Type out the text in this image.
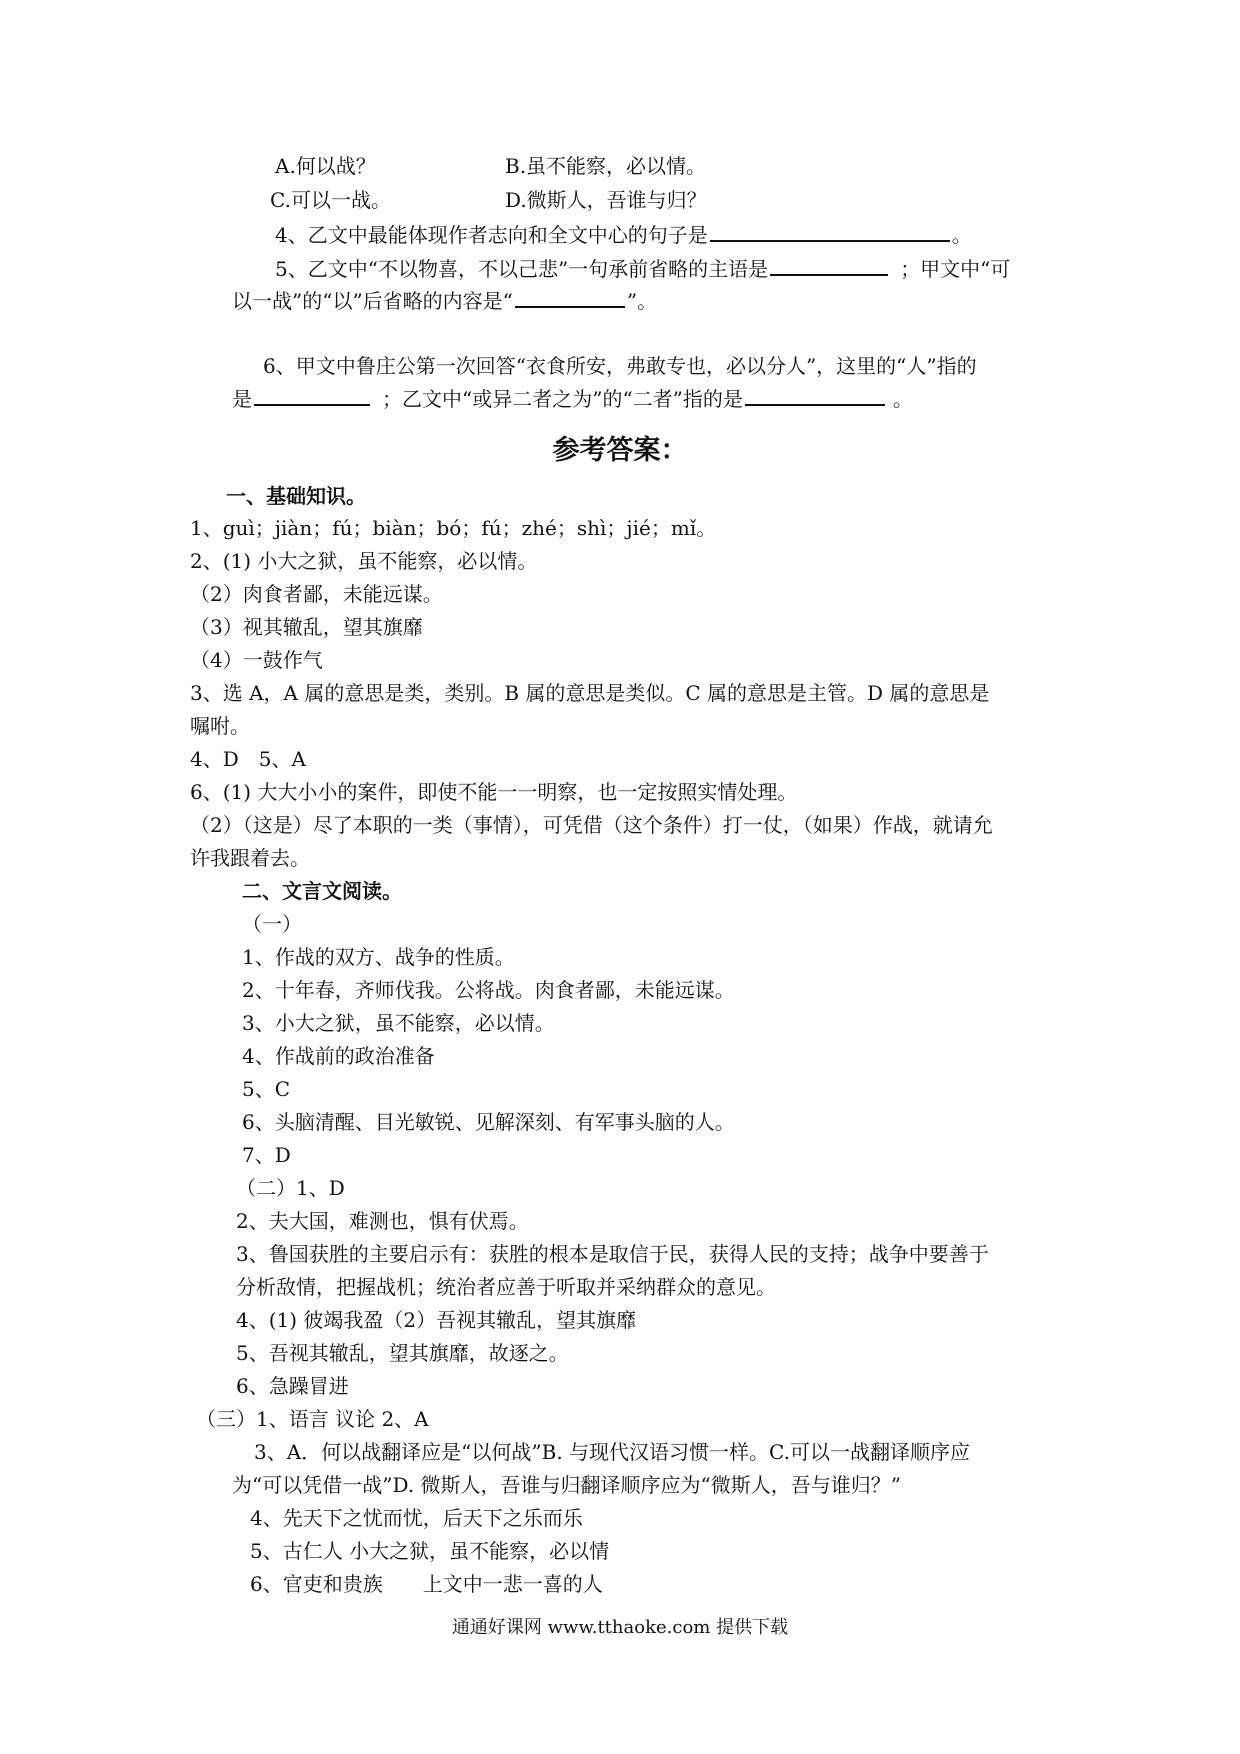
A.何以战？	B.虽不能察，必以情。
C.可以一战。	D.微斯人，吾谁与归？
4、乙文中最能体现作者志向和全文中心的句子是	。
5、乙文中“不以物喜，不以己悲”一句承前省略的主语是	；甲文中“可
以一战”的“以”后省略的内容是“	”。
6、甲文中鲁庄公第一次回答“衣食所安，弗敢专也，必以分人”，这里的“人”指的
是	；乙文中“或异二者之为”的“二者”指的是	。
参考答案：
一、基础知识。
1、guì；jiàn；fú；biàn；bó；fú；zhé；shì；jié；mǐ。
2、(1) 小大之狱，虽不能察，必以情。
（2）肉食者鄙，未能远谋。
（3）视其辙乱，望其旗靡
（4）一鼓作气
3、选 A，A 属的意思是类，类别。B 属的意思是类似。C 属的意思是主管。D 属的意思是
嘱咐。
4、D　5、A
6、(1) 大大小小的案件，即使不能一一明察，也一定按照实情处理。
（2）（这是）尽了本职的一类（事情），可凭借（这个条件）打一仗，（如果）作战，就请允
许我跟着去。
二、文言文阅读。
（一）
1、作战的双方、战争的性质。
2、十年春，齐师伐我。公将战。肉食者鄙，未能远谋。
3、小大之狱，虽不能察，必以情。
4、作战前的政治准备
5、C
6、头脑清醒、目光敏锐、见解深刻、有军事头脑的人。
7、D
（二）1、D
2、夫大国，难测也，惧有伏焉。
3、鲁国获胜的主要启示有：获胜的根本是取信于民，获得人民的支持；战争中要善于
分析敌情，把握战机；统治者应善于听取并采纳群众的意见。
4、(1) 彼竭我盈（2）吾视其辙乱，望其旗靡
5、吾视其辙乱，望其旗靡，故逐之。
6、急躁冒进
（三）1、语言 议论 2、A
3、A．何以战翻译应是“以何战”B. 与现代汉语习惯一样。C.可以一战翻译顺序应
为“可以凭借一战”D. 微斯人，吾谁与归翻译顺序应为“微斯人，吾与谁归？”
4、先天下之忧而忧，后天下之乐而乐
5、古仁人 小大之狱，虽不能察，必以情
6、官吏和贵族　　上文中一悲一喜的人
通通好课网 www.tthaoke.com 提供下载
